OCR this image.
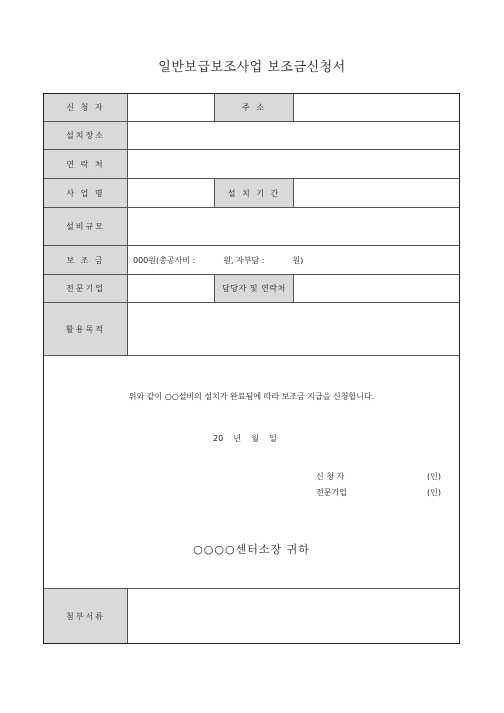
일반보급보조사업 보조금신청서
신 청 자	주 소
설치장소
연 락 처
사 업 명	설 치 기 간
설비규모
보 조 금	000원(총공사비 :           원, 자부담 :           원)
전문기업	담당자 및 연락처
활용목적
위와 같이 ○○설비의 설치가 완료됨에 따라 보조금 지급을 신청합니다.
20    년    월    일
신 청 자	(인)
전문기업	(인)
○○○○센터소장 귀하
첨부서류
